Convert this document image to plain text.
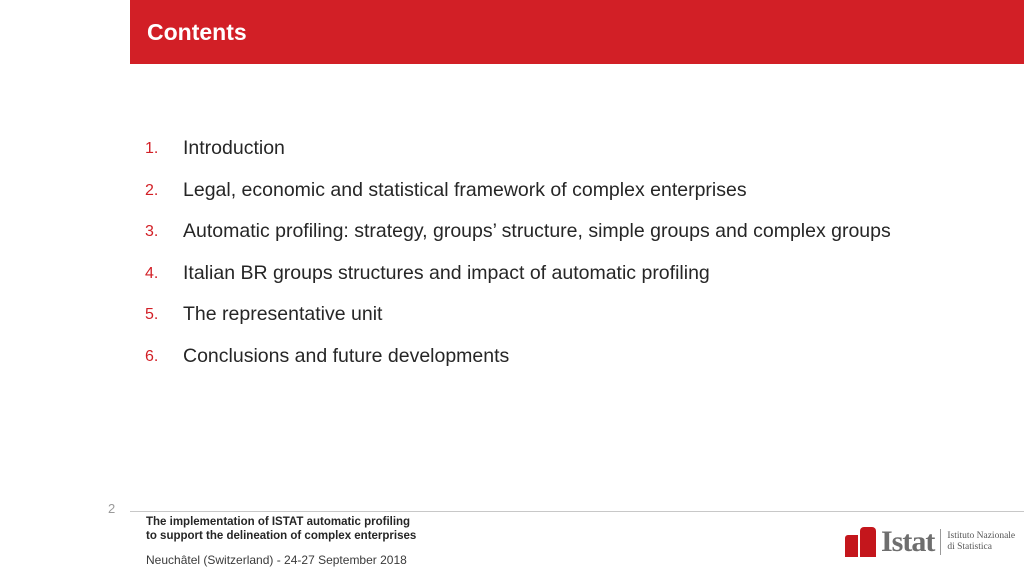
Contents
1.	Introduction
2.	Legal, economic and statistical framework of complex enterprises
3.	Automatic profiling: strategy, groups’ structure, simple groups and complex groups
4.	Italian BR groups structures and impact of automatic profiling
5.	The representative unit
6.	Conclusions and future developments
2
The implementation of ISTAT automatic profiling
to support the delineation of complex enterprises
Neuchâtel (Switzerland) - 24-27 September 2018
Istat Istituto Nazionale
di Statistica
